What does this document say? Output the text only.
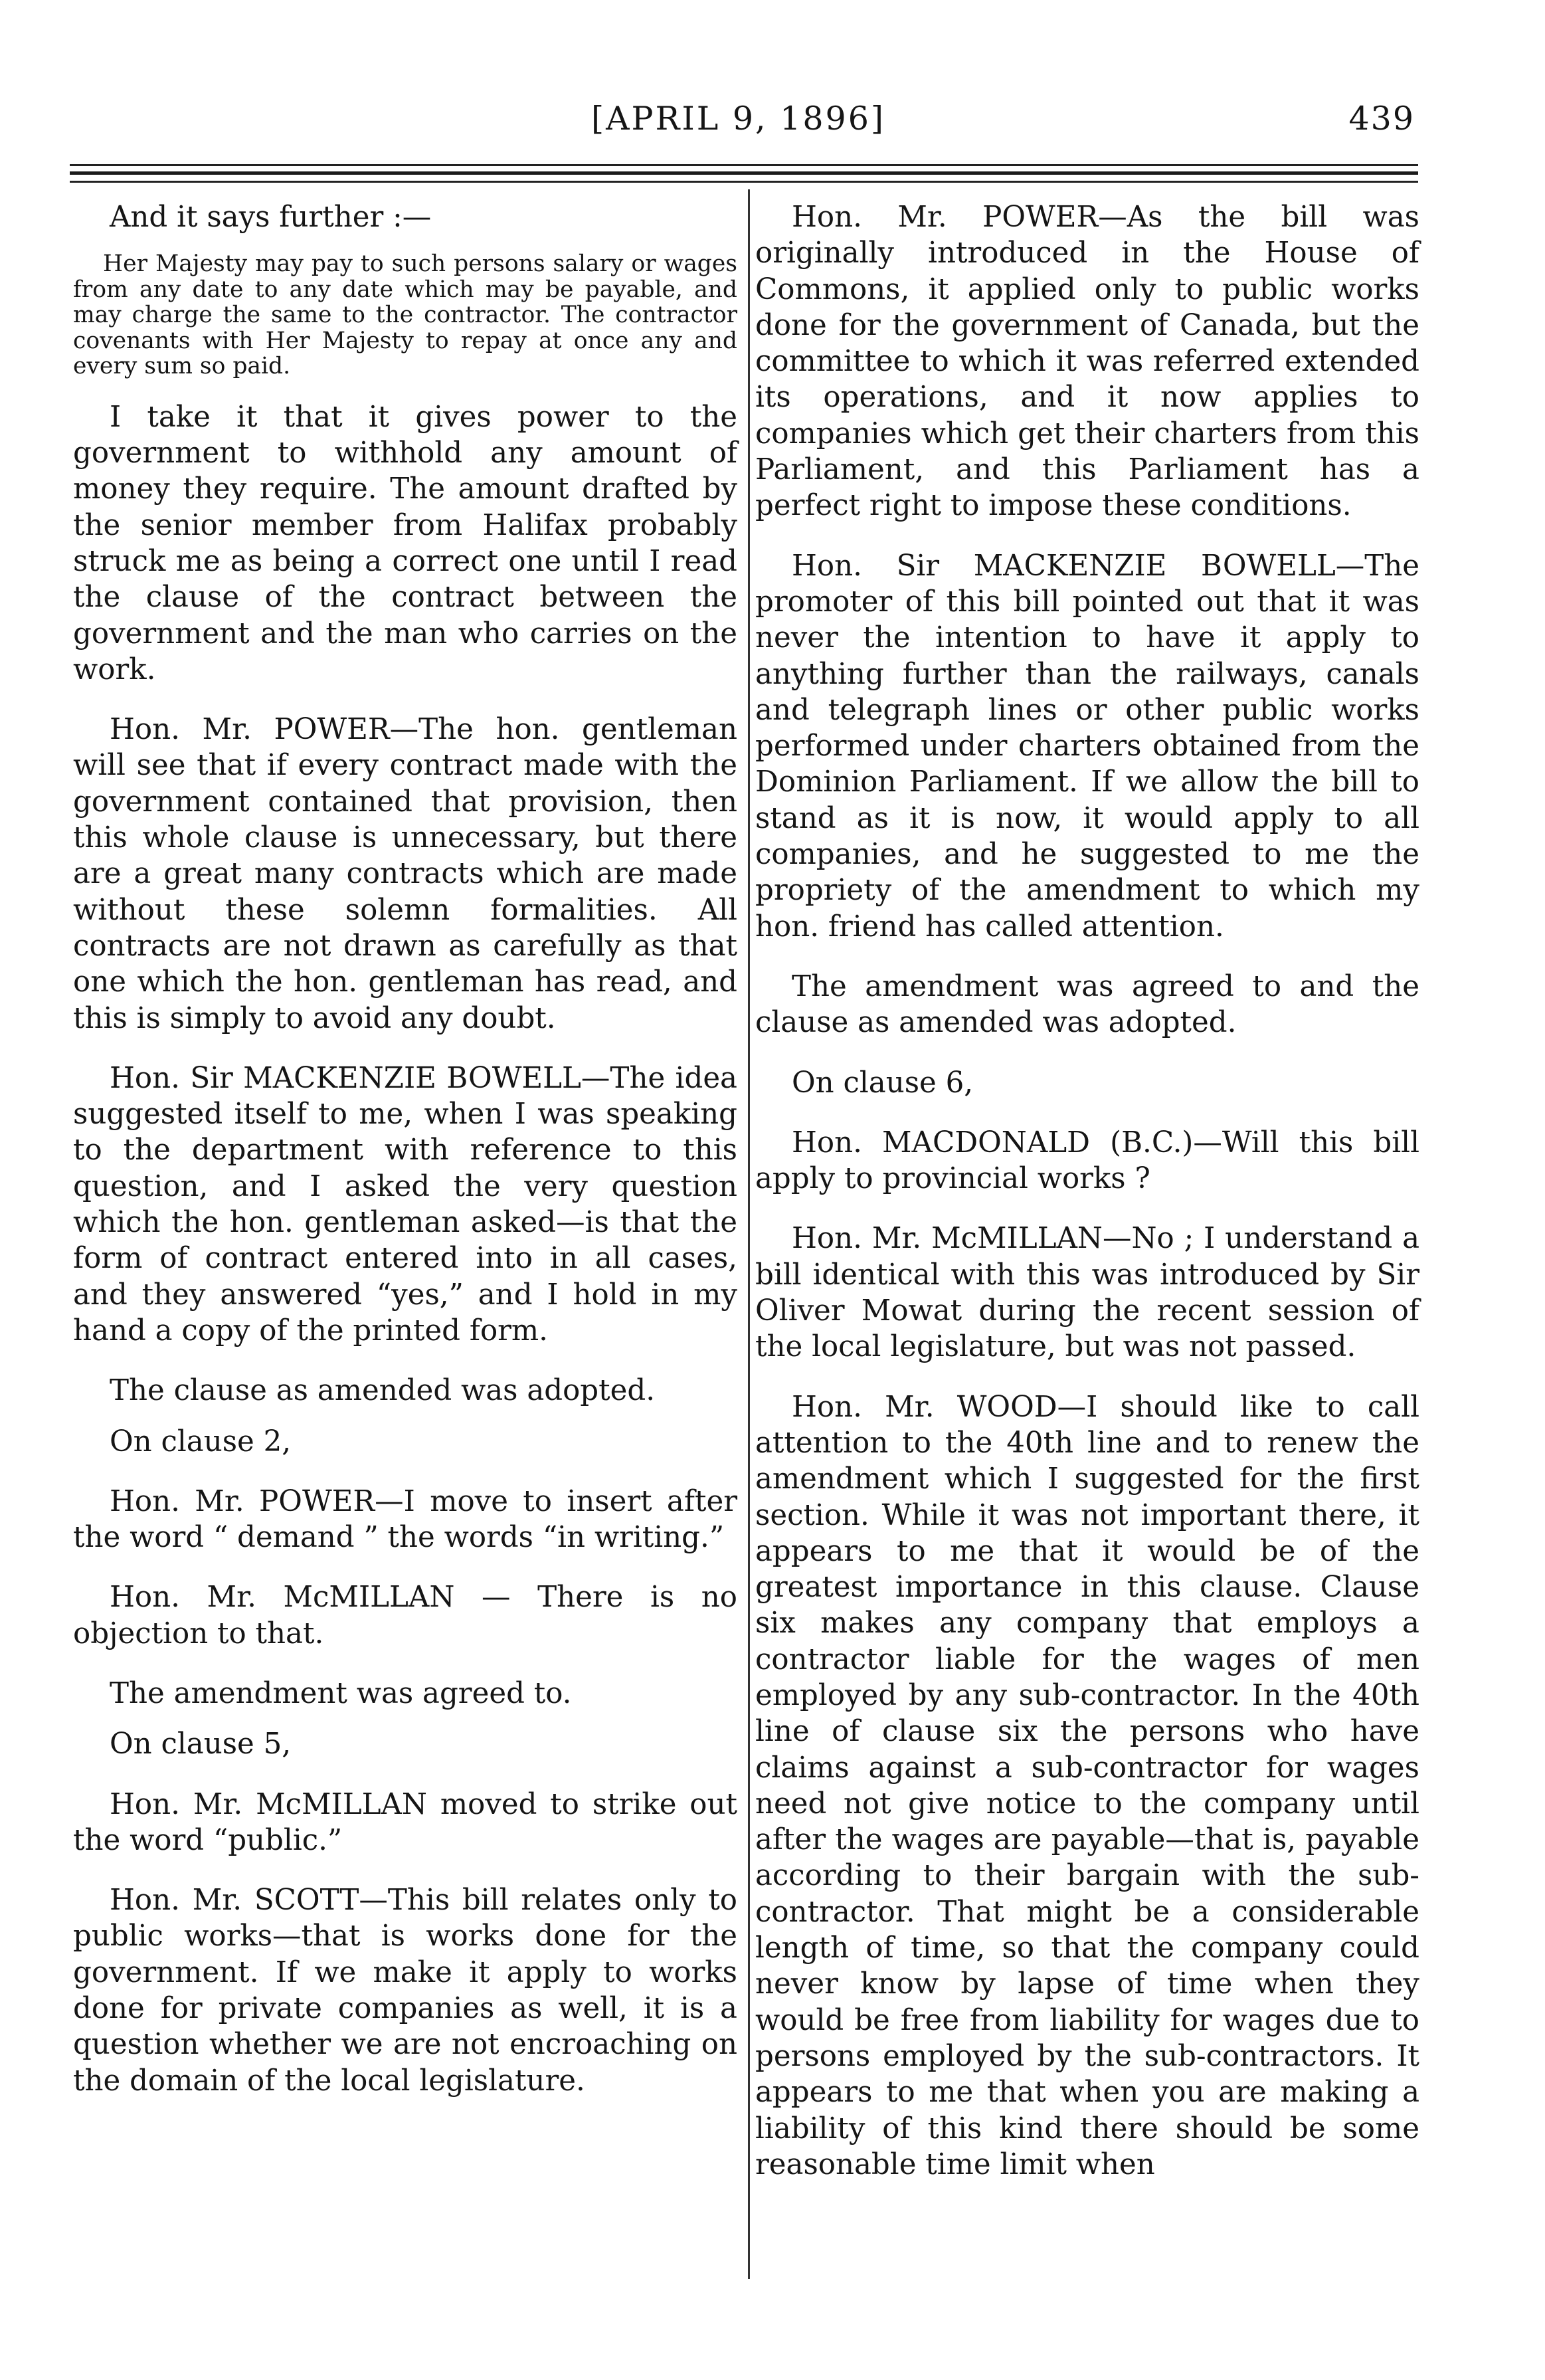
[APRIL 9, 1896]	439

And it says further :—

Her Majesty may pay to such persons salary or wages from any date to any date which may be payable, and may charge the same to the contractor. The contractor covenants with Her Majesty to repay at once any and every sum so paid.

I take it that it gives power to the government to withhold any amount of money they require. The amount drafted by the senior member from Halifax probably struck me as being a correct one until I read the clause of the contract between the government and the man who carries on the work.

Hon. Mr. POWER—The hon. gentleman will see that if every contract made with the government contained that provision, then this whole clause is unnecessary, but there are a great many contracts which are made without these solemn formalities. All contracts are not drawn as carefully as that one which the hon. gentleman has read, and this is simply to avoid any doubt.

Hon. Sir MACKENZIE BOWELL—The idea suggested itself to me, when I was speaking to the department with reference to this question, and I asked the very question which the hon. gentleman asked—is that the form of contract entered into in all cases, and they answered “yes,” and I hold in my hand a copy of the printed form.

The clause as amended was adopted.

On clause 2,

Hon. Mr. POWER—I move to insert after the word “ demand ” the words “in writing.”

Hon. Mr. McMILLAN — There is no objection to that.

The amendment was agreed to.

On clause 5,

Hon. Mr. McMILLAN moved to strike out the word “public.”

Hon. Mr. SCOTT—This bill relates only to public works—that is works done for the government. If we make it apply to works done for private companies as well, it is a question whether we are not encroaching on the domain of the local legislature.

Hon. Mr. POWER—As the bill was originally introduced in the House of Commons, it applied only to public works done for the government of Canada, but the committee to which it was referred extended its operations, and it now applies to companies which get their charters from this Parliament, and this Parliament has a perfect right to impose these conditions.

Hon. Sir MACKENZIE BOWELL—The promoter of this bill pointed out that it was never the intention to have it apply to anything further than the railways, canals and telegraph lines or other public works performed under charters obtained from the Dominion Parliament. If we allow the bill to stand as it is now, it would apply to all companies, and he suggested to me the propriety of the amendment to which my hon. friend has called attention.

The amendment was agreed to and the clause as amended was adopted.

On clause 6,

Hon. MACDONALD (B.C.)—Will this bill apply to provincial works ?

Hon. Mr. McMILLAN—No ; I understand a bill identical with this was introduced by Sir Oliver Mowat during the recent session of the local legislature, but was not passed.

Hon. Mr. WOOD—I should like to call attention to the 40th line and to renew the amendment which I suggested for the first section. While it was not important there, it appears to me that it would be of the greatest importance in this clause. Clause six makes any company that employs a contractor liable for the wages of men employed by any sub-contractor. In the 40th line of clause six the persons who have claims against a sub-contractor for wages need not give notice to the company until after the wages are payable—that is, payable according to their bargain with the sub-contractor. That might be a considerable length of time, so that the company could never know by lapse of time when they would be free from liability for wages due to persons employed by the sub-contractors. It appears to me that when you are making a liability of this kind there should be some reasonable time limit when
